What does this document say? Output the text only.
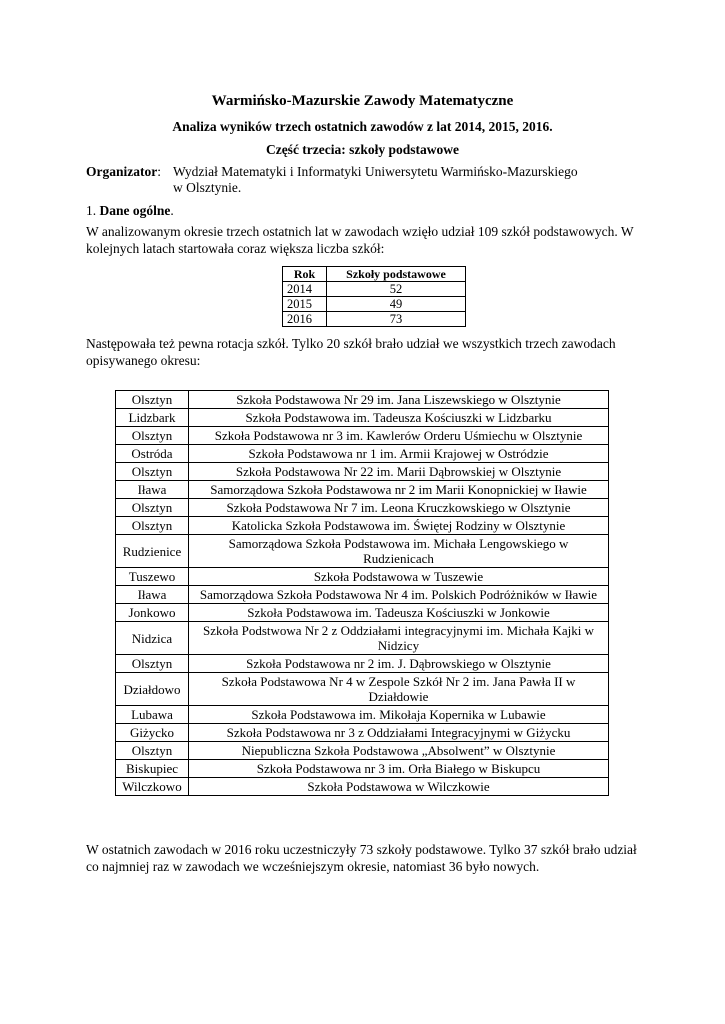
Warmińsko-Mazurskie Zawody Matematyczne
Analiza wyników trzech ostatnich zawodów z lat 2014, 2015, 2016.
Część trzecia: szkoły podstawowe
Organizator: Wydział Matematyki i Informatyki Uniwersytetu Warmińsko-Mazurskiego
w Olsztynie.
1. Dane ogólne.
W analizowanym okresie trzech ostatnich lat w zawodach wzięło udział 109 szkół podstawowych. W kolejnych latach startowała coraz większa liczba szkół:
Rok	Szkoły podstawowe
2014	52
2015	49
2016	73
Następowała też pewna rotacja szkół. Tylko 20 szkół brało udział we wszystkich trzech zawodach opisywanego okresu:
Olsztyn	Szkoła Podstawowa Nr 29 im. Jana Liszewskiego w Olsztynie
Lidzbark	Szkoła Podstawowa im. Tadeusza Kościuszki w Lidzbarku
Olsztyn	Szkoła Podstawowa nr 3 im. Kawlerów Orderu Uśmiechu w Olsztynie
Ostróda	Szkoła Podstawowa nr 1 im. Armii Krajowej w Ostródzie
Olsztyn	Szkoła Podstawowa Nr 22 im. Marii Dąbrowskiej w Olsztynie
Iława	Samorządowa Szkoła Podstawowa nr 2 im Marii Konopnickiej w Iławie
Olsztyn	Szkoła Podstawowa Nr 7 im. Leona Kruczkowskiego w Olsztynie
Olsztyn	Katolicka Szkoła Podstawowa im. Świętej Rodziny w Olsztynie
Rudzienice	Samorządowa Szkoła Podstawowa im. Michała Lengowskiego w Rudzienicach
Tuszewo	Szkoła Podstawowa w Tuszewie
Iława	Samorządowa Szkoła Podstawowa Nr 4 im. Polskich Podróżników w Iławie
Jonkowo	Szkoła Podstawowa im. Tadeusza Kościuszki w Jonkowie
Nidzica	Szkoła Podstwowa Nr 2 z Oddziałami integracyjnymi im. Michała Kajki w Nidzicy
Olsztyn	Szkoła Podstawowa nr 2 im. J. Dąbrowskiego w Olsztynie
Działdowo	Szkoła Podstawowa Nr 4 w Zespole Szkół Nr 2 im. Jana Pawła II w Działdowie
Lubawa	Szkoła Podstawowa im. Mikołaja Kopernika w Lubawie
Giżycko	Szkoła Podstawowa nr 3 z Oddziałami Integracyjnymi w Giżycku
Olsztyn	Niepubliczna Szkoła Podstawowa „Absolwent” w Olsztynie
Biskupiec	Szkoła Podstawowa nr 3 im. Orła Białego w Biskupcu
Wilczkowo	Szkoła Podstawowa w Wilczkowie
W ostatnich zawodach w 2016 roku uczestniczyły 73 szkoły podstawowe. Tylko 37 szkół brało udział co najmniej raz w zawodach we wcześniejszym okresie, natomiast 36 było nowych.
